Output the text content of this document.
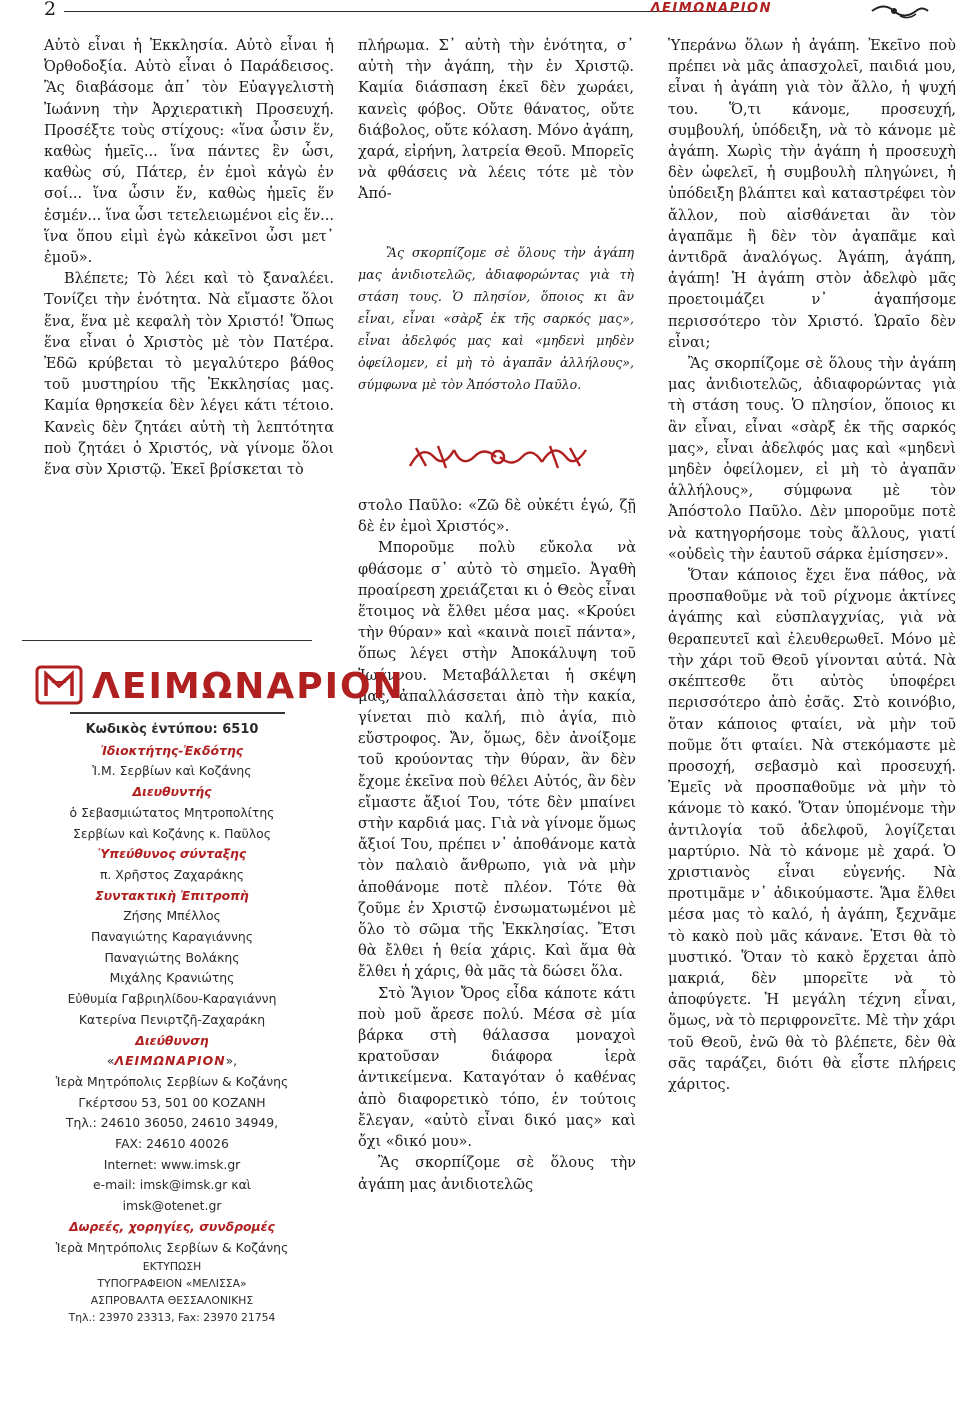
2	ΛΕΙΜΩΝΑΡΙΟΝ

Αὐτὸ εἶναι ἡ Ἐκκλησία. Αὐτὸ εἶναι ἡ Ὀρθοδοξία. Αὐτὸ εἶναι ὁ Παράδεισος. Ἂς διαβάσομε ἀπ᾽ τὸν Εὐαγγελιστὴ Ἰωάννη τὴν Ἀρχιερατικὴ Προσευχή. Προσέξτε τοὺς στίχους: «ἵνα ὦσιν ἕν, καθὼς ἡμεῖς... ἵνα πάντες ἓν ὦσι, καθὼς σύ, Πάτερ, ἐν ἐμοὶ κἀγὼ ἐν σοί... ἵνα ὦσιν ἕν, καθὼς ἡμεῖς ἕν ἐσμέν... ἵνα ὦσι τετελειωμένοι εἰς ἕν... ἵνα ὅπου εἰμὶ ἐγὼ κἀκεῖνοι ὦσι μετ᾽ ἐμοῦ».

Βλέπετε; Τὸ λέει καὶ τὸ ξαναλέει. Τονίζει τὴν ἑνότητα. Νὰ εἴμαστε ὅλοι ἕνα, ἕνα μὲ κεφαλὴ τὸν Χριστό! Ὅπως ἕνα εἶναι ὁ Χριστὸς μὲ τὸν Πατέρα. Ἐδῶ κρύβεται τὸ μεγαλύτερο βάθος τοῦ μυστηρίου τῆς Ἐκκλησίας μας. Καμία θρησκεία δὲν λέγει κάτι τέτοιο. Κανεὶς δὲν ζητάει αὐτὴ τὴ λεπτότητα ποὺ ζητάει ὁ Χριστός, νὰ γίνομε ὅλοι ἕνα σὺν Χριστῷ. Ἐκεῖ βρίσκεται τὸ

πλήρωμα. Σ᾽ αὐτὴ τὴν ἑνότητα, σ᾽ αὐτὴ τὴν ἀγάπη, τὴν ἐν Χριστῷ. Καμία διάσπαση ἐκεῖ δὲν χωράει, κανεὶς φόβος. Οὔτε θάνατος, οὔτε διάβολος, οὔτε κόλαση. Μόνο ἀγάπη, χαρά, εἰρήνη, λατρεία Θεοῦ. Μπορεῖς νὰ φθάσεις νὰ λέεις τότε μὲ τὸν Ἀπό-

Ἂς σκορπίζομε σὲ ὅλους τὴν ἀγάπη μας ἀνιδιοτελῶς, ἀδιαφορώντας γιὰ τὴ στάση τους. Ὁ πλησίον, ὅποιος κι ἂν εἶναι, εἶναι «σὰρξ ἐκ τῆς σαρκός μας», εἶναι ἀδελφός μας καὶ «μηδενὶ μηδὲν ὀφείλομεν, εἰ μὴ τὸ ἀγαπᾶν ἀλλήλους», σύμφωνα μὲ τὸν Ἀπόστολο Παῦλο.

στολο Παῦλο: «Ζῶ δὲ οὐκέτι ἐγώ, ζῇ δὲ ἐν ἐμοὶ Χριστός».

Μποροῦμε πολὺ εὔκολα νὰ φθάσομε σ᾽ αὐτὸ τὸ σημεῖο. Ἀγαθὴ προαίρεση χρειάζεται κι ὁ Θεὸς εἶναι ἕτοιμος νὰ ἔλθει μέσα μας. «Κρούει τὴν θύραν» καὶ «καινὰ ποιεῖ πάντα», ὅπως λέγει στὴν Ἀποκάλυψη τοῦ Ἰωάννου. Μεταβάλλεται ἡ σκέψη μας, ἀπαλλάσσεται ἀπὸ τὴν κακία, γίνεται πιὸ καλή, πιὸ ἁγία, πιὸ εὔστροφος. Ἄν, ὅμως, δὲν ἀνοίξομε τοῦ κρούοντας τὴν θύραν, ἂν δὲν ἔχομε ἐκεῖνα ποὺ θέλει Αὐτός, ἂν δὲν εἴμαστε ἄξιοί Του, τότε δὲν μπαίνει στὴν καρδιά μας. Γιὰ νὰ γίνομε ὅμως ἄξιοί Του, πρέπει ν᾽ ἀποθάνομε κατὰ τὸν παλαιὸ ἄνθρωπο, γιὰ νὰ μὴν ἀποθάνομε ποτὲ πλέον. Τότε θὰ ζοῦμε ἐν Χριστῷ ἐνσωματωμένοι μὲ ὅλο τὸ σῶμα τῆς Ἐκκλησίας. Ἔτσι θὰ ἔλθει ἡ θεία χάρις. Καὶ ἅμα θὰ ἔλθει ἡ χάρις, θὰ μᾶς τὰ δώσει ὅλα.

Στὸ Ἅγιον Ὄρος εἶδα κάποτε κάτι ποὺ μοῦ ἄρεσε πολύ. Μέσα σὲ μία βάρκα στὴ θάλασσα μοναχοὶ κρατοῦσαν διάφορα ἱερὰ ἀντικείμενα. Καταγόταν ὁ καθένας ἀπὸ διαφορετικὸ τόπο, ἐν τούτοις ἔλεγαν, «αὐτὸ εἶναι δικό μας» καὶ ὄχι «δικό μου».

Ἂς σκορπίζομε σὲ ὅλους τὴν ἀγάπη μας ἀνιδιοτελῶς

Ὑπεράνω ὅλων ἡ ἀγάπη. Ἐκεῖνο ποὺ πρέπει νὰ μᾶς ἀπασχολεῖ, παιδιά μου, εἶναι ἡ ἀγάπη γιὰ τὸν ἄλλο, ἡ ψυχή του. Ὅ,τι κάνομε, προσευχή, συμβουλή, ὑπόδειξη, νὰ τὸ κάνομε μὲ ἀγάπη. Χωρὶς τὴν ἀγάπη ἡ προσευχὴ δὲν ὠφελεῖ, ἡ συμβουλὴ πληγώνει, ἡ ὑπόδειξη βλάπτει καὶ καταστρέφει τὸν ἄλλον, ποὺ αἰσθάνεται ἂν τὸν ἀγαπᾶμε ἢ δὲν τὸν ἀγαπᾶμε καὶ ἀντιδρᾶ ἀναλόγως. Ἀγάπη, ἀγάπη, ἀγάπη! Ἡ ἀγάπη στὸν ἀδελφὸ μᾶς προετοιμάζει ν᾽ ἀγαπήσομε περισσότερο τὸν Χριστό. Ὡραῖο δὲν εἶναι;

Ἂς σκορπίζομε σὲ ὅλους τὴν ἀγάπη μας ἀνιδιοτελῶς, ἀδιαφορώντας γιὰ τὴ στάση τους. Ὁ πλησίον, ὅποιος κι ἂν εἶναι, εἶναι «σὰρξ ἐκ τῆς σαρκός μας», εἶναι ἀδελφός μας καὶ «μηδενὶ μηδὲν ὀφείλομεν, εἰ μὴ τὸ ἀγαπᾶν ἀλλήλους», σύμφωνα μὲ τὸν Ἀπόστολο Παῦλο. Δὲν μποροῦμε ποτὲ νὰ κατηγορήσομε τοὺς ἄλλους, γιατί «οὐδεὶς τὴν ἑαυτοῦ σάρκα ἐμίσησεν».

Ὅταν κάποιος ἔχει ἕνα πάθος, νὰ προσπαθοῦμε νὰ τοῦ ρίχνομε ἀκτίνες ἀγάπης καὶ εὐσπλαγχνίας, γιὰ νὰ θεραπευτεῖ καὶ ἐλευθερωθεῖ. Μόνο μὲ τὴν χάρι τοῦ Θεοῦ γίνονται αὐτά. Νὰ σκέπτεσθε ὅτι αὐτὸς ὑποφέρει περισσότερο ἀπὸ ἐσᾶς. Στὸ κοινόβιο, ὅταν κάποιος φταίει, νὰ μὴν τοῦ ποῦμε ὅτι φταίει. Νὰ στεκόμαστε μὲ προσοχή, σεβασμὸ καὶ προσευχή. Ἐμεῖς νὰ προσπαθοῦμε νὰ μὴν τὸ κάνομε τὸ κακό. Ὅταν ὑπομένομε τὴν ἀντιλογία τοῦ ἀδελφοῦ, λογίζεται μαρτύριο. Νὰ τὸ κάνομε μὲ χαρά. Ὁ χριστιανὸς εἶναι εὐγενής. Νὰ προτιμᾶμε ν᾽ ἀδικούμαστε. Ἅμα ἔλθει μέσα μας τὸ καλό, ἡ ἀγάπη, ξεχνᾶμε τὸ κακὸ ποὺ μᾶς κάνανε. Ἐτσι θὰ τὸ μυστικό. Ὅταν τὸ κακὸ ἔρχεται ἀπὸ μακριά, δὲν μπορεῖτε νὰ τὸ ἀποφύγετε. Ἡ μεγάλη τέχνη εἶναι, ὅμως, νὰ τὸ περιφρονεῖτε. Μὲ τὴν χάρι τοῦ Θεοῦ, ἐνῶ θὰ τὸ βλέπετε, δὲν θὰ σᾶς ταράζει, διότι θὰ εἶστε πλήρεις χάριτος.

ΛΕΙΜΩΝΑΡΙΟΝ
Κωδικὸς ἐντύπου: 6510
Ἰδιοκτήτης-Ἐκδότης
Ἱ.Μ. Σερβίων καὶ Κοζάνης
Διευθυντής
ὁ Σεβασμιώτατος Μητροπολίτης
Σερβίων καὶ Κοζάνης κ. Παῦλος
Ὑπεύθυνος σύνταξης
π. Χρῆστος Ζαχαράκης
Συντακτικὴ Ἐπιτροπὴ
Ζήσης Μπέλλος
Παναγιώτης Καραγιάννης
Παναγιώτης Βολάκης
Μιχάλης Κρανιώτης
Εὐθυμία Γαβριηλίδου-Καραγιάννη
Κατερίνα Πενιρτζῆ-Ζαχαράκη
Διεύθυνση
«ΛΕΙΜΩΝΑΡΙΟΝ»,
Ἱερὰ Μητρόπολις Σερβίων & Κοζάνης
Γκέρτσου 53, 501 00 ΚΟΖΑΝΗ
Τηλ.: 24610 36050, 24610 34949,
FAX: 24610 40026
Internet: www.imsk.gr
e-mail: imsk@imsk.gr καὶ
imsk@otenet.gr
Δωρεές, χορηγίες, συνδρομές
Ἱερὰ Μητρόπολις Σερβίων & Κοζάνης
ΕΚΤΥΠΩΣΗ
ΤΥΠΟΓΡΑΦΕΙΟΝ «ΜΕΛΙΣΣΑ»
ΑΣΠΡΟΒΑΛΤΑ ΘΕΣΣΑΛΟΝΙΚΗΣ
Τηλ.: 23970 23313, Fax: 23970 21754
